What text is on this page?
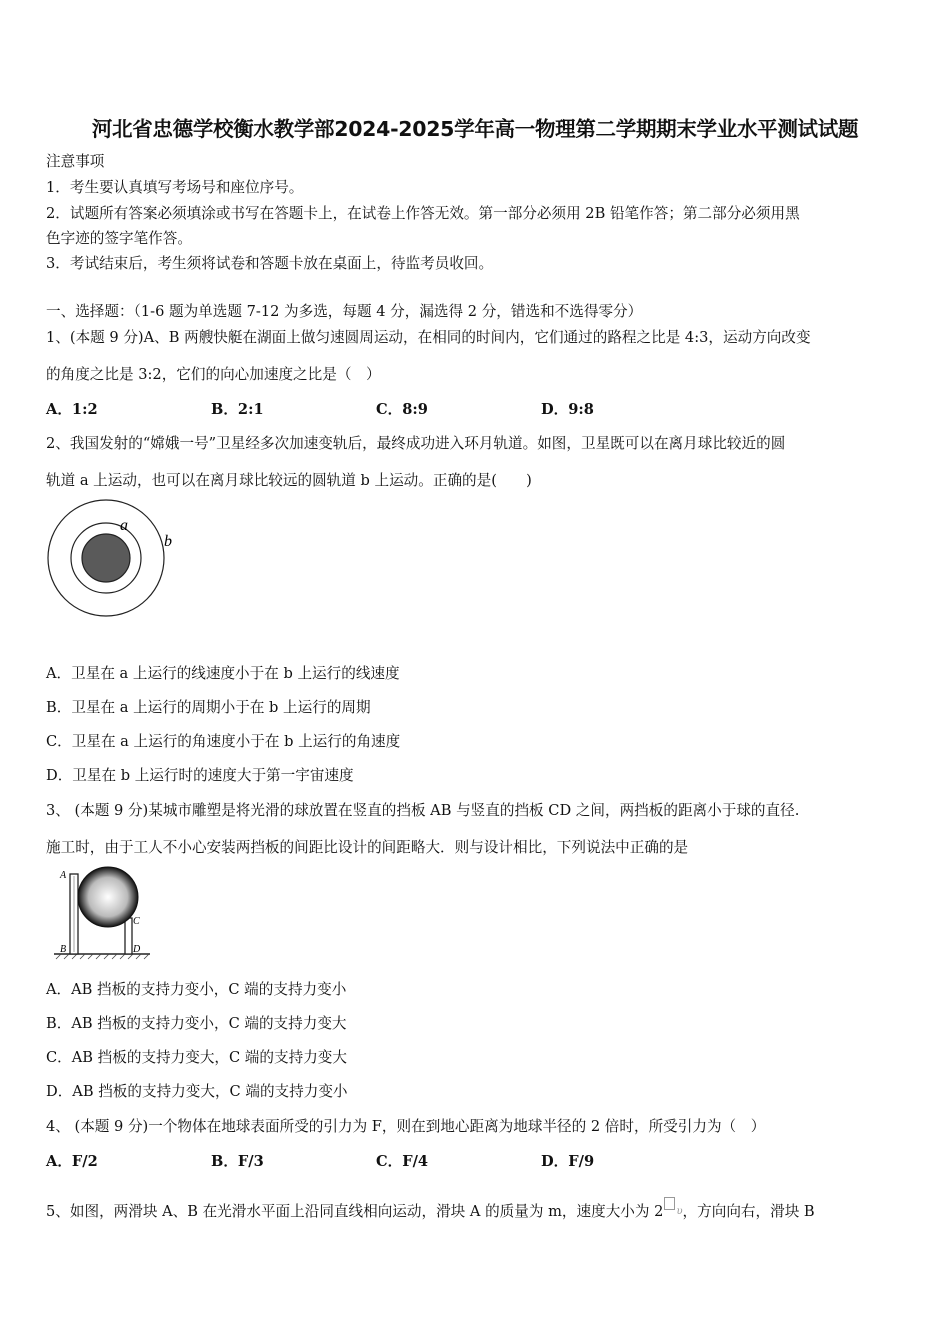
河北省忠德学校衡水教学部2024-2025学年高一物理第二学期期末学业水平测试试题
注意事项
1．考生要认真填写考场号和座位序号。
2．试题所有答案必须填涂或书写在答题卡上，在试卷上作答无效。第一部分必须用 2B 铅笔作答；第二部分必须用黑
色字迹的签字笔作答。
3．考试结束后，考生须将试卷和答题卡放在桌面上，待监考员收回。
一、选择题：（1-6 题为单选题 7-12 为多选，每题 4 分，漏选得 2 分，错选和不选得零分）
1、(本题 9 分)A、B 两艘快艇在湖面上做匀速圆周运动，在相同的时间内，它们通过的路程之比是 4:3，运动方向改变
的角度之比是 3:2，它们的向心加速度之比是（　）
A．1:2	B．2:1	C．8:9	D．9:8
2、我国发射的“嫦娥一号”卫星经多次加速变轨后，最终成功进入环月轨道。如图，卫星既可以在离月球比较近的圆
轨道 a 上运动，也可以在离月球比较远的圆轨道 b 上运动。正确的是(　　)
a
b
A．卫星在 a 上运行的线速度小于在 b 上运行的线速度
B．卫星在 a 上运行的周期小于在 b 上运行的周期
C．卫星在 a 上运行的角速度小于在 b 上运行的角速度
D．卫星在 b 上运行时的速度大于第一宇宙速度
3、 (本题 9 分)某城市雕塑是将光滑的球放置在竖直的挡板 AB 与竖直的挡板 CD 之间，两挡板的距离小于球的直径.
施工时，由于工人不小心安装两挡板的间距比设计的间距略大．则与设计相比，下列说法中正确的是
A
B
C
D
A．AB 挡板的支持力变小，C 端的支持力变小
B．AB 挡板的支持力变小，C 端的支持力变大
C．AB 挡板的支持力变大，C 端的支持力变大
D．AB 挡板的支持力变大，C 端的支持力变小
4、 (本题 9 分)一个物体在地球表面所受的引力为 F，则在到地心距离为地球半径的 2 倍时，所受引力为（　）
A．F/2	B．F/3	C．F/4	D．F/9
5、如图，两滑块 A、B 在光滑水平面上沿同直线相向运动，滑块 A 的质量为 m，速度大小为 2 υ，方向向右，滑块 B
